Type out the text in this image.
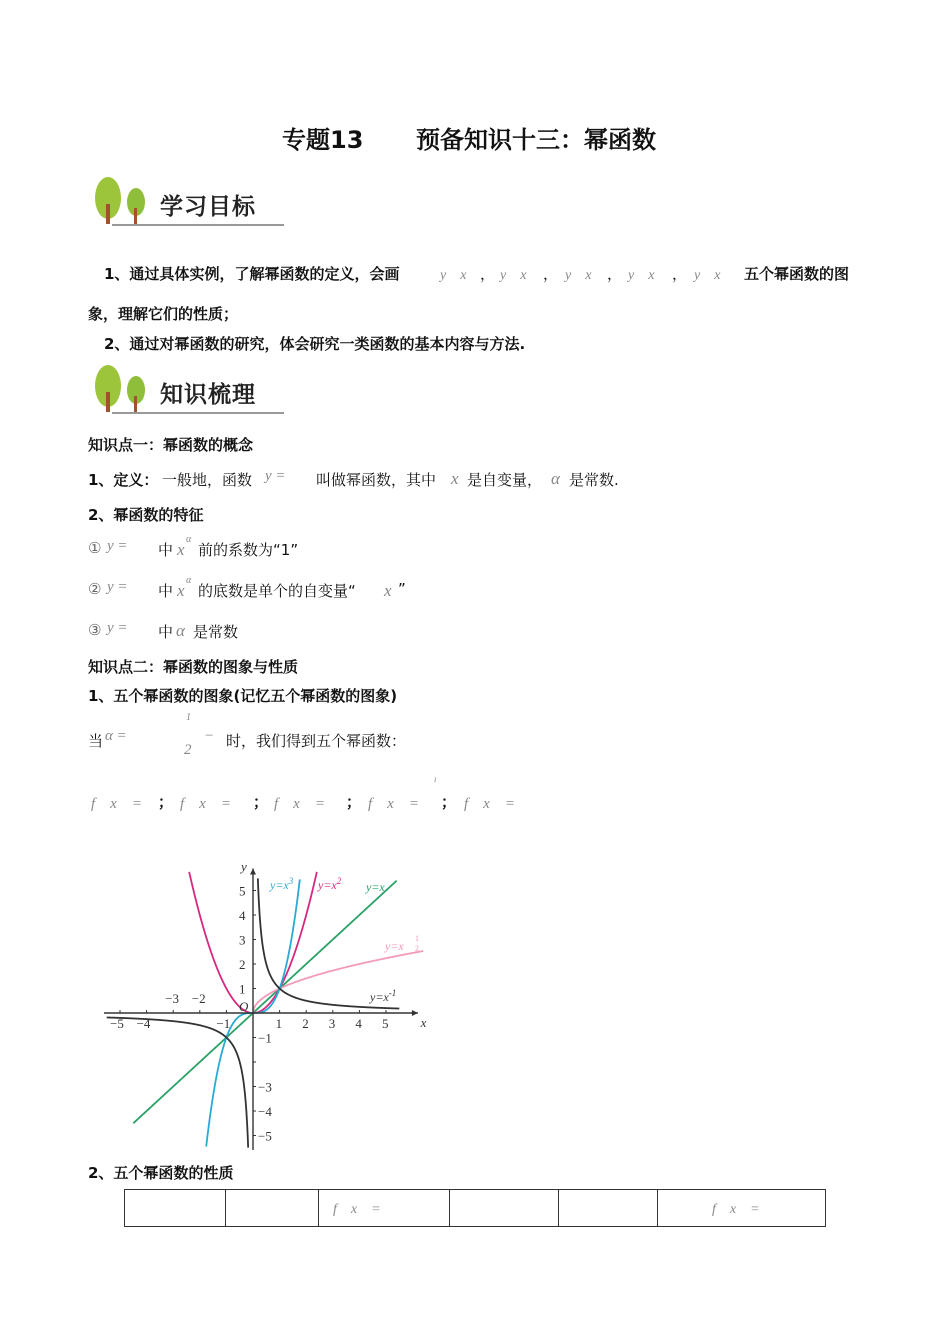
专题13 预备知识十三：幂函数
学习目标
1、通过具体实例，了解幂函数的定义，会画	y　x ， y　x ， y　x ， y　x ， y　x 五个幂函数的图
象，理解它们的性质；
2、通过对幂函数的研究，体会研究一类函数的基本内容与方法.
知识梳理
知识点一：幂函数的概念
1、定义： 一般地，函数 y = 叫做幂函数，其中 x 是自变量， α 是常数.
2、幂函数的特征
① y = 中 x
α
前的系数为“1”
② y = 中 x
α
的底数是单个的自变量“ x ”
③ y = 中 α 是常数
知识点二：幂函数的图象与性质
1、五个幂函数的图象(记忆五个幂函数的图象)
当 α =
1
2
− 时，我们得到五个幂函数：
f　x　= ； f　x　= ； f　x　= ； f　x　=
ı
； f　x　=
1 2 3 4 5
−3 −2
−5 −4	−1
1
2
3
4
5
−1
−3
−4
−5
x
y
O
$y=x^3$ $y=x^2$ y=x
y=x
1
2
$y=x^{-1}$
2、五个幂函数的性质
		f　x　=			f　x　=
